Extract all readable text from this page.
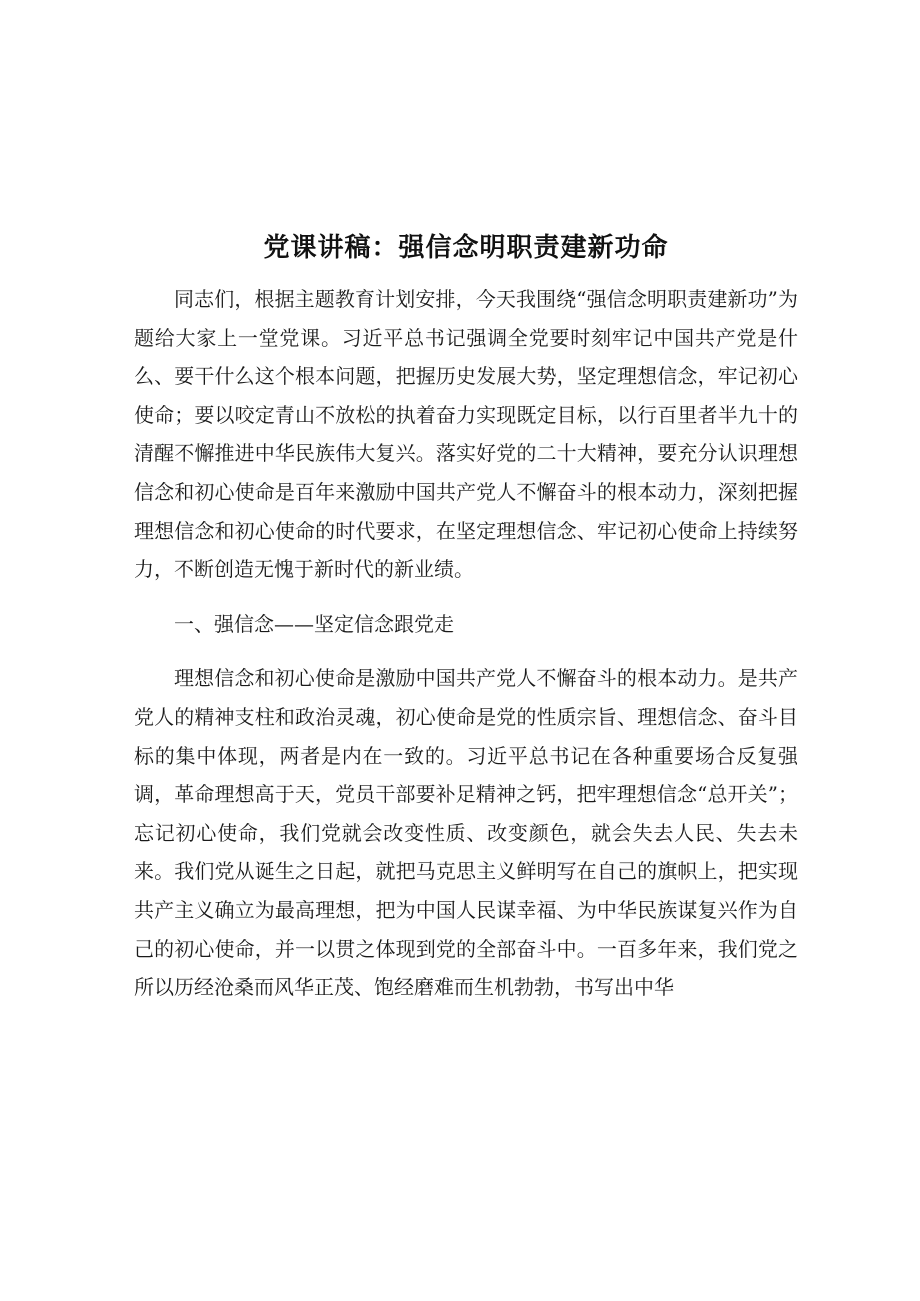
党课讲稿：强信念明职责建新功命

同志们，根据主题教育计划安排，今天我围绕“强信念明职责建新功”为题给大家上一堂党课。习近平总书记强调全党要时刻牢记中国共产党是什么、要干什么这个根本问题，把握历史发展大势，坚定理想信念，牢记初心使命；要以咬定青山不放松的执着奋力实现既定目标，以行百里者半九十的清醒不懈推进中华民族伟大复兴。落实好党的二十大精神，要充分认识理想信念和初心使命是百年来激励中国共产党人不懈奋斗的根本动力，深刻把握理想信念和初心使命的时代要求，在坚定理想信念、牢记初心使命上持续努力，不断创造无愧于新时代的新业绩。

一、强信念——坚定信念跟党走

理想信念和初心使命是激励中国共产党人不懈奋斗的根本动力。是共产党人的精神支柱和政治灵魂，初心使命是党的性质宗旨、理想信念、奋斗目标的集中体现，两者是内在一致的。习近平总书记在各种重要场合反复强调，革命理想高于天，党员干部要补足精神之钙，把牢理想信念“总开关”；忘记初心使命，我们党就会改变性质、改变颜色，就会失去人民、失去未来。我们党从诞生之日起，就把马克思主义鲜明写在自己的旗帜上，把实现共产主义确立为最高理想，把为中国人民谋幸福、为中华民族谋复兴作为自己的初心使命，并一以贯之体现到党的全部奋斗中。一百多年来，我们党之所以历经沧桑而风华正茂、饱经磨难而生机勃勃，书写出中华
